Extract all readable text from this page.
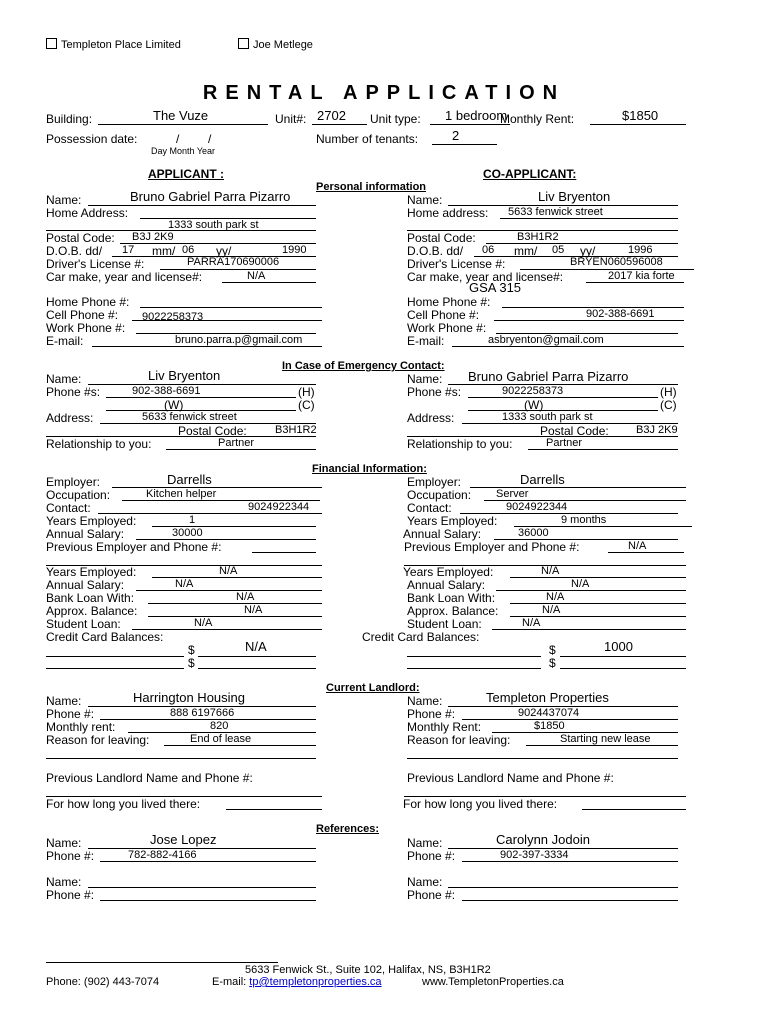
Templeton Place Limited	Joe Metlege
RENTAL APPLICATION
Building:	The Vuze	Unit#: 2702 Unit type: 1 bedroom
Monthly Rent:	$1850
Possession date:	/ /
Day Month Year
Number of tenants:	2
APPLICANT :	CO-APPLICANT:
Personal information
Name:	Bruno Gabriel Parra Pizarro
Home Address:
1333 south park st
Postal Code: B3J 2K9
D.O.B. dd/ 17 mm/ 06 yy/	1990
Driver's License #:	PARRA170690006
Car make, year and license#:	N/A
Home Phone #:
Cell Phone #: 9022258373
Work Phone #:
E-mail:	bruno.parra.p@gmail.com
Name:	Liv Bryenton
Home address: 5633 fenwick street
Postal Code:	B3H1R2
D.O.B. dd/ 06 mm/ 05 yy/	1996
Driver's License #:	BRYEN060596008
Car make, year and license#:	2017 kia forte
GSA 315
Home Phone #:
Cell Phone #:	902-388-6691
Work Phone #:
E-mail:	asbryenton@gmail.com
In Case of Emergency Contact:
Name:	Liv Bryenton
Phone #s:	902-388-6691	(H)
(W)	(C)
Address:	5633 fenwick street
Postal Code:	B3H1R2
Relationship to you:	Partner
Name: Bruno Gabriel Parra Pizarro
Phone #s:	9022258373	(H)
(W)	(C)
Address:	1333 south park st
Postal Code: B3J 2K9
Relationship to you:	Partner
Financial Information:
Employer:	Darrells
Occupation:	Kitchen helper
Contact:	9024922344
Years Employed:	1
Annual Salary:	30000
Previous Employer and Phone #:
Years Employed:	N/A
Annual Salary:	N/A
Bank Loan With:	N/A
Approx. Balance:	N/A
Student Loan:	N/A
Credit Card Balances:
$	N/A
$
Employer:	Darrells
Occupation: Server
Contact:	9024922344
Years Employed:	9 months
Annual Salary:	36000
Previous Employer and Phone #:	N/A
Years Employed:	N/A
Annual Salary:	N/A
Bank Loan With:	N/A
Approx. Balance:	N/A
Student Loan:	N/A
Credit Card Balances:
$	1000
$
Current Landlord:
Name:	Harrington Housing
Phone #:	888 6197666
Monthly rent:	820
Reason for leaving:	End of lease
Name:	Templeton Properties
Phone #:	9024437074
Monthly Rent:	$1850
Reason for leaving:	Starting new lease
Previous Landlord Name and Phone #:
For how long you lived there:
Previous Landlord Name and Phone #:
For how long you lived there:
References:
Name:	Jose Lopez
Phone #:	782-882-4166
Name:
Phone #:
Name:	Carolynn Jodoin
Phone #:	902-397-3334
Name:
Phone #:
5633 Fenwick St., Suite 102, Halifax, NS, B3H1R2
Phone: (902) 443-7074	E-mail: tp@templetonproperties.ca	www.TempletonProperties.ca
